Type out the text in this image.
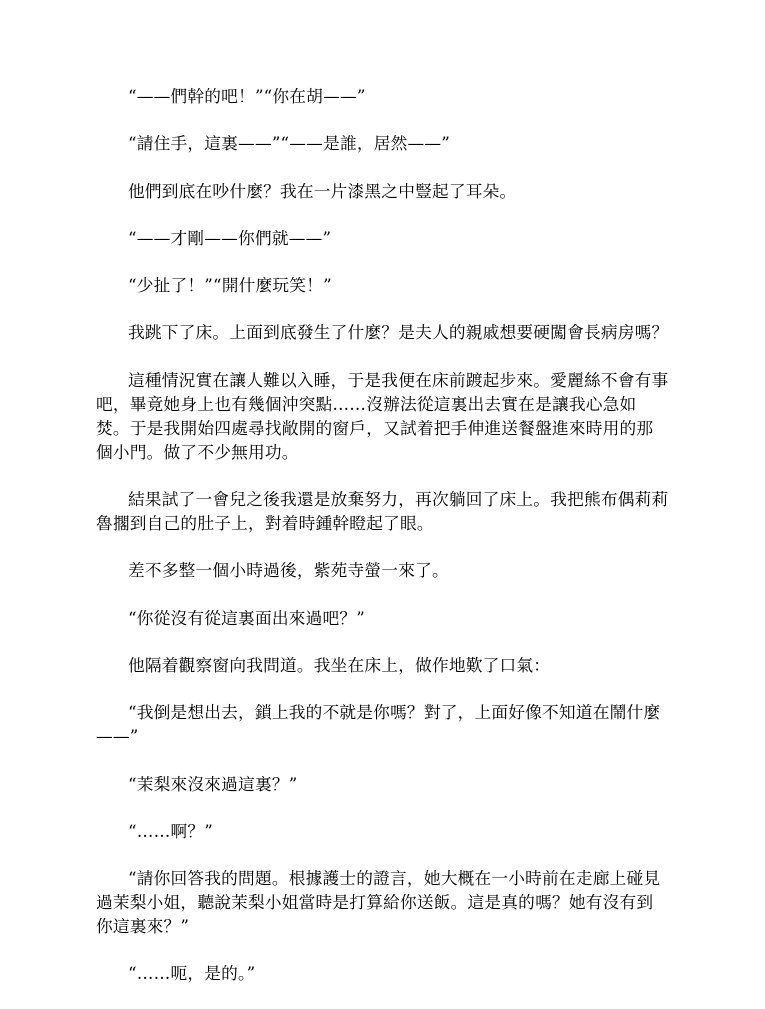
“——們幹的吧！”“你在胡——”

“請住手，這裏——”“——是誰，居然——”

他們到底在吵什麼？我在一片漆黑之中豎起了耳朵。

“——才剛——你們就——”

“少扯了！”“開什麼玩笑！”

我跳下了床。上面到底發生了什麼？是夫人的親戚想要硬闖會長病房嗎？

這種情況實在讓人難以入睡，于是我便在床前踱起步來。愛麗絲不會有事吧，畢竟她身上也有幾個沖突點……沒辦法從這裏出去實在是讓我心急如焚。于是我開始四處尋找敞開的窗戶，又試着把手伸進送餐盤進來時用的那個小門。做了不少無用功。

結果試了一會兒之後我還是放棄努力，再次躺回了床上。我把熊布偶莉莉魯擱到自己的肚子上，對着時鍾幹瞪起了眼。

差不多整一個小時過後，紫苑寺螢一來了。

“你從沒有從這裏面出來過吧？”

他隔着觀察窗向我問道。我坐在床上，做作地歎了口氣：

“我倒是想出去，鎖上我的不就是你嗎？對了，上面好像不知道在鬧什麼——”

“茉梨來沒來過這裏？”

“……啊？”

“請你回答我的問題。根據護士的證言，她大概在一小時前在走廊上碰見過茉梨小姐，聽說茉梨小姐當時是打算給你送飯。這是真的嗎？她有沒有到你這裏來？”

“……呃，是的。”
